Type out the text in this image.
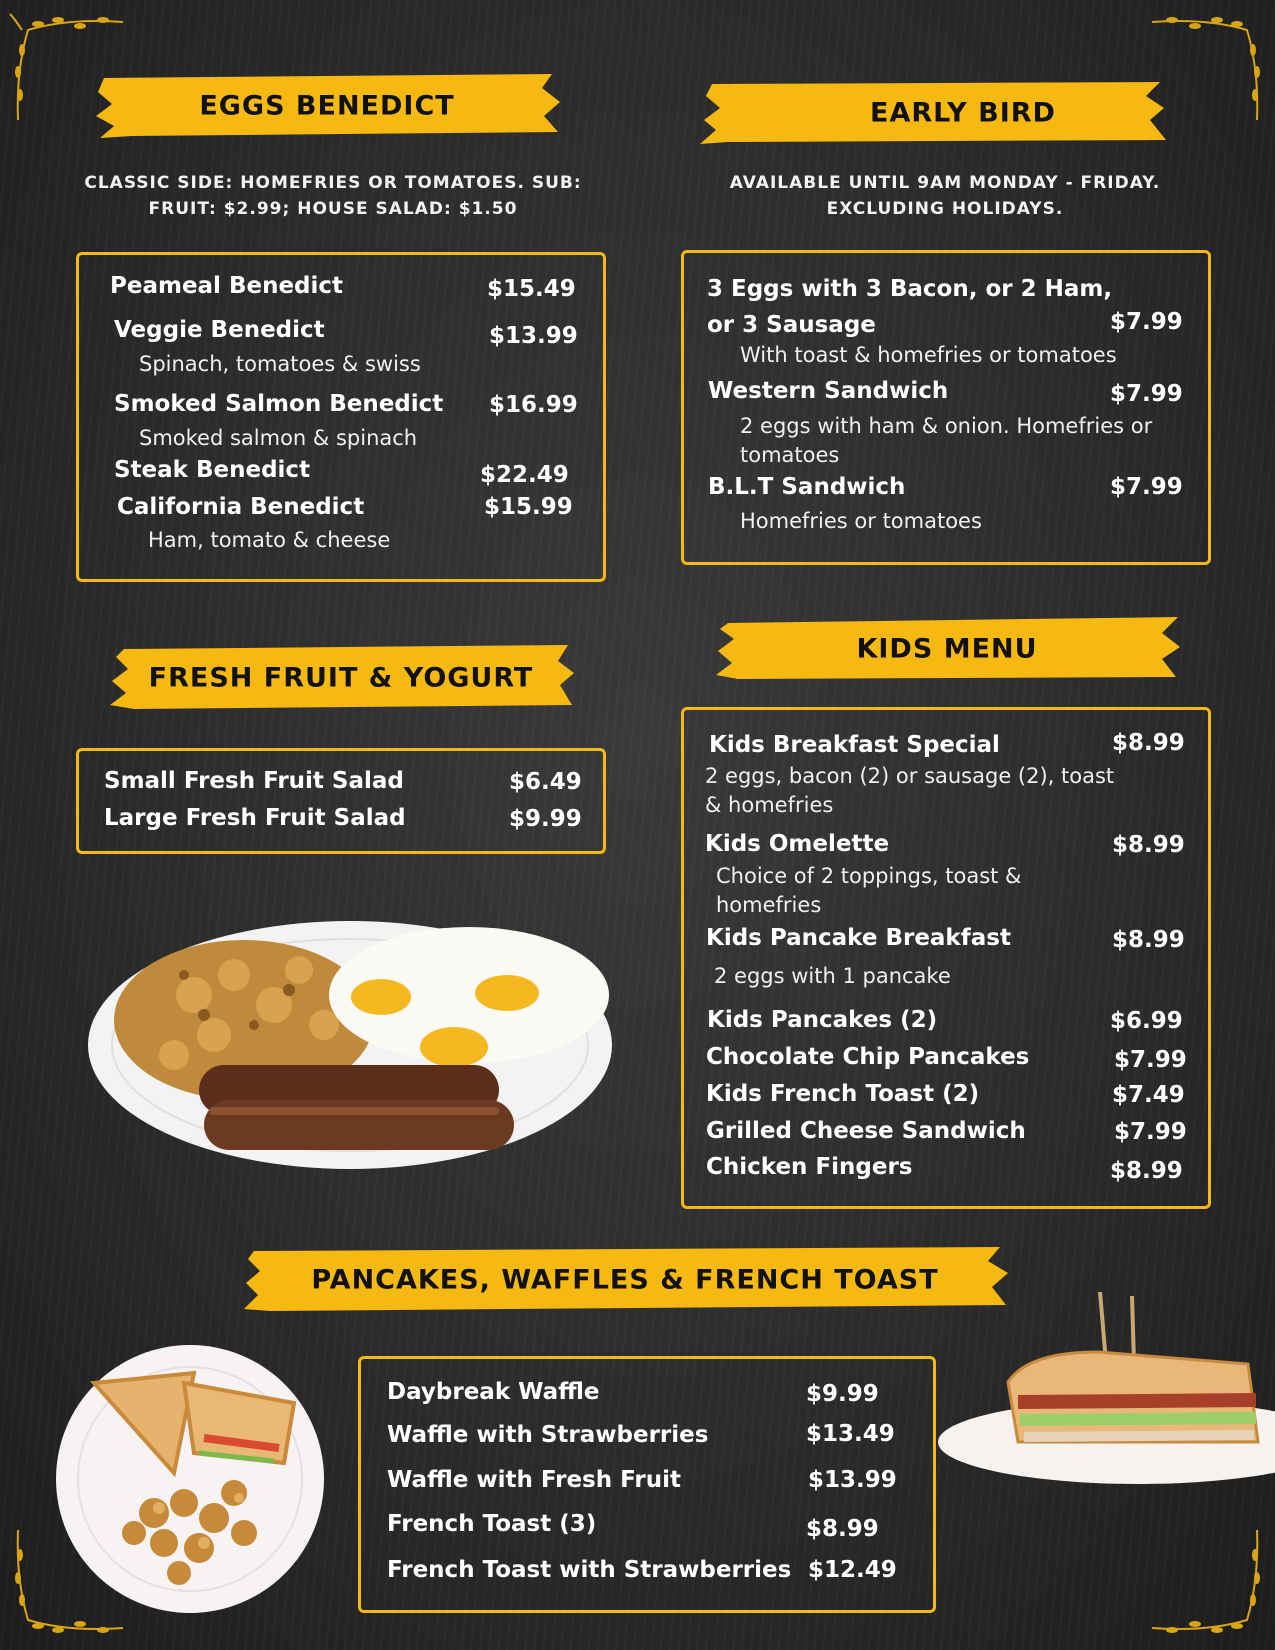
EGGS BENEDICT
CLASSIC SIDE: HOMEFRIES OR TOMATOES. SUB: FRUIT: $2.99; HOUSE SALAD: $1.50
Peameal Benedict	$15.49
Veggie Benedict	$13.99
Spinach, tomatoes & swiss
Smoked Salmon Benedict $16.99
Smoked salmon & spinach
Steak Benedict	$22.49
California Benedict	$15.99
Ham, tomato & cheese
EARLY BIRD
AVAILABLE UNTIL 9AM MONDAY - FRIDAY. EXCLUDING HOLIDAYS.
3 Eggs with 3 Bacon, or 2 Ham,
or 3 Sausage	$7.99
With toast & homefries or tomatoes
Western Sandwich	$7.99
2 eggs with ham & onion. Homefries or tomatoes
B.L.T Sandwich	$7.99
Homefries or tomatoes
FRESH FRUIT & YOGURT
Small Fresh Fruit Salad	$6.49
Large Fresh Fruit Salad	$9.99
KIDS MENU
Kids Breakfast Special	$8.99
2 eggs, bacon (2) or sausage (2), toast & homefries
Kids Omelette	$8.99
Choice of 2 toppings, toast & homefries
Kids Pancake Breakfast	$8.99
2 eggs with 1 pancake
Kids Pancakes (2)	$6.99
Chocolate Chip Pancakes	$7.99
Kids French Toast (2)	$7.49
Grilled Cheese Sandwich	$7.99
Chicken Fingers	$8.99
PANCAKES, WAFFLES & FRENCH TOAST
Daybreak Waffle	$9.99
Waffle with Strawberries	$13.49
Waffle with Fresh Fruit	$13.99
French Toast (3)	$8.99
French Toast with Strawberries $12.49
